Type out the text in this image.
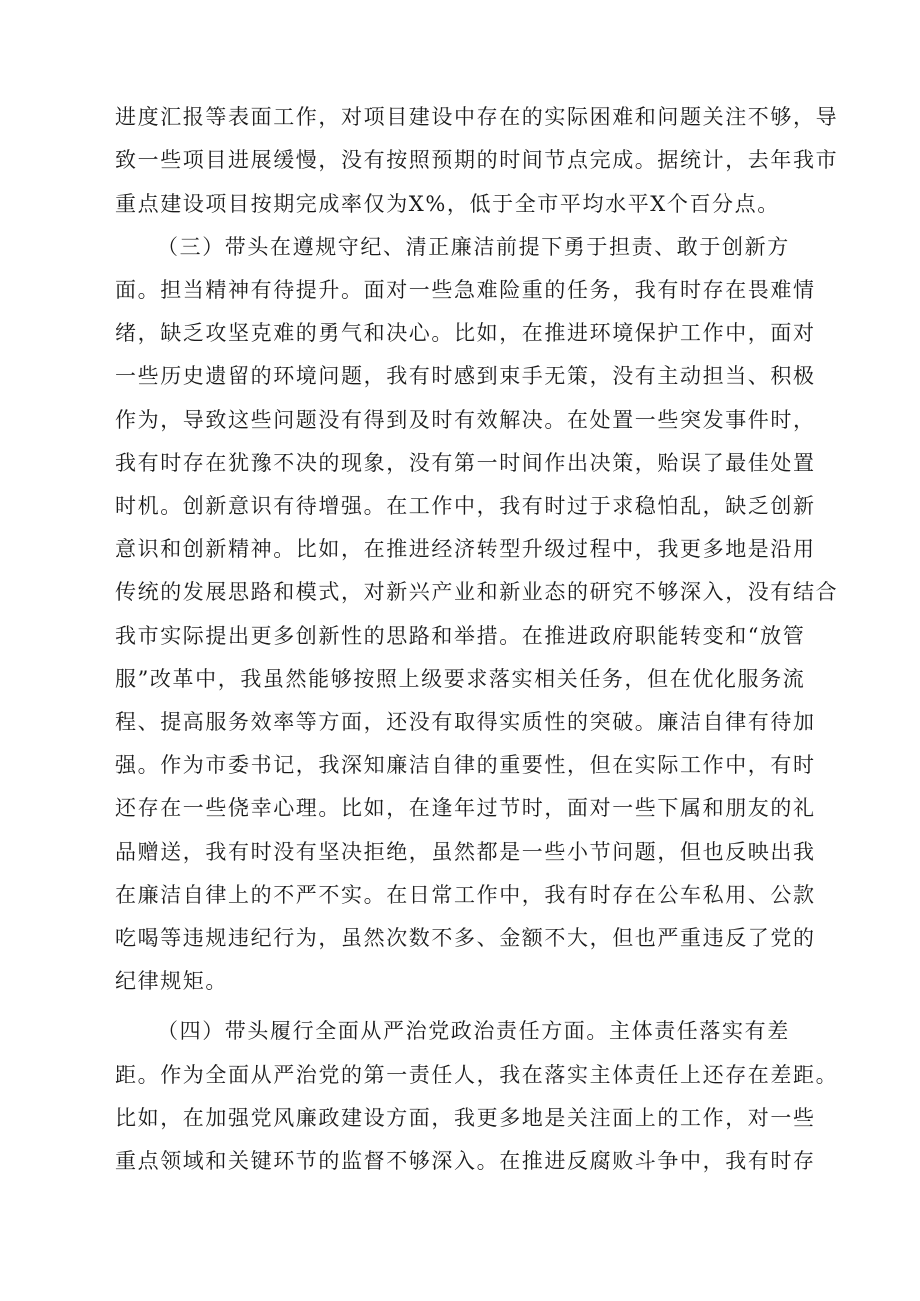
进度汇报等表面工作，对项目建设中存在的实际困难和问题关注不够，导
致一些项目进展缓慢，没有按照预期的时间节点完成。据统计，去年我市
重点建设项目按期完成率仅为X%，低于全市平均水平X个百分点。
（三）带头在遵规守纪、清正廉洁前提下勇于担责、敢于创新方
面。担当精神有待提升。面对一些急难险重的任务，我有时存在畏难情
绪，缺乏攻坚克难的勇气和决心。比如，在推进环境保护工作中，面对
一些历史遗留的环境问题，我有时感到束手无策，没有主动担当、积极
作为，导致这些问题没有得到及时有效解决。在处置一些突发事件时，
我有时存在犹豫不决的现象，没有第一时间作出决策，贻误了最佳处置
时机。创新意识有待增强。在工作中，我有时过于求稳怕乱，缺乏创新
意识和创新精神。比如，在推进经济转型升级过程中，我更多地是沿用
传统的发展思路和模式，对新兴产业和新业态的研究不够深入，没有结合
我市实际提出更多创新性的思路和举措。在推进政府职能转变和“放管
服”改革中，我虽然能够按照上级要求落实相关任务，但在优化服务流
程、提高服务效率等方面，还没有取得实质性的突破。廉洁自律有待加
强。作为市委书记，我深知廉洁自律的重要性，但在实际工作中，有时
还存在一些侥幸心理。比如，在逢年过节时，面对一些下属和朋友的礼
品赠送，我有时没有坚决拒绝，虽然都是一些小节问题，但也反映出我
在廉洁自律上的不严不实。在日常工作中，我有时存在公车私用、公款
吃喝等违规违纪行为，虽然次数不多、金额不大，但也严重违反了党的
纪律规矩。
（四）带头履行全面从严治党政治责任方面。主体责任落实有差
距。作为全面从严治党的第一责任人，我在落实主体责任上还存在差距。
比如，在加强党风廉政建设方面，我更多地是关注面上的工作，对一些
重点领域和关键环节的监督不够深入。在推进反腐败斗争中，我有时存
